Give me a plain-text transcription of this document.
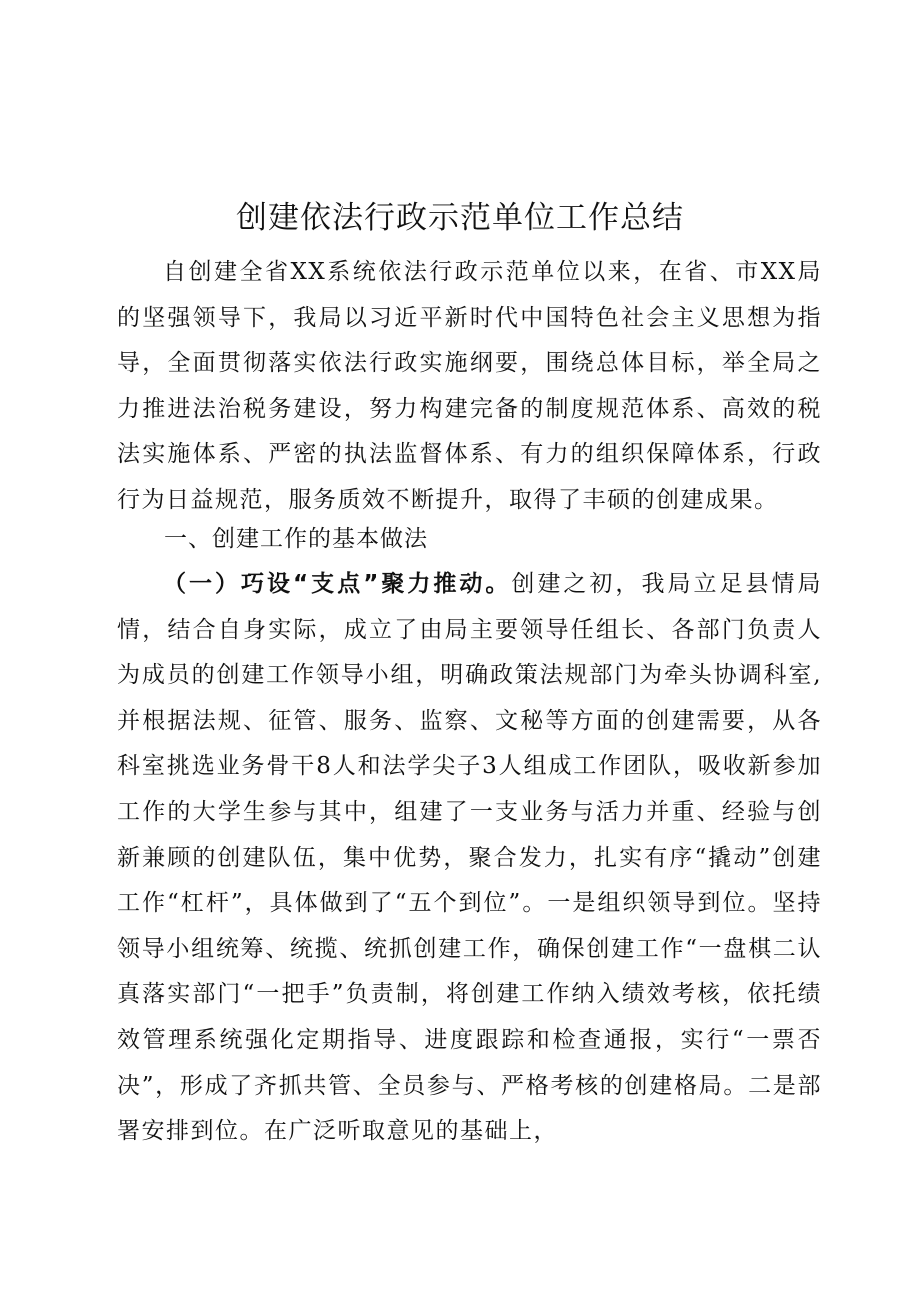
创建依法行政示范单位工作总结

自创建全省XX系统依法行政示范单位以来，在省、市XX局的坚强领导下，我局以习近平新时代中国特色社会主义思想为指导，全面贯彻落实依法行政实施纲要，围绕总体目标，举全局之力推进法治税务建设，努力构建完备的制度规范体系、高效的税法实施体系、严密的执法监督体系、有力的组织保障体系，行政行为日益规范，服务质效不断提升，取得了丰硕的创建成果。

一、创建工作的基本做法

（一）巧设“支点”聚力推动。创建之初，我局立足县情局情，结合自身实际，成立了由局主要领导任组长、各部门负责人为成员的创建工作领导小组，明确政策法规部门为牵头协调科室,并根据法规、征管、服务、监察、文秘等方面的创建需要，从各科室挑选业务骨干8人和法学尖子3人组成工作团队，吸收新参加工作的大学生参与其中，组建了一支业务与活力并重、经验与创新兼顾的创建队伍，集中优势，聚合发力，扎实有序“撬动”创建工作“杠杆”，具体做到了“五个到位”。一是组织领导到位。坚持领导小组统筹、统揽、统抓创建工作，确保创建工作“一盘棋二认真落实部门“一把手”负责制，将创建工作纳入绩效考核，依托绩效管理系统强化定期指导、进度跟踪和检查通报，实行“一票否决”，形成了齐抓共管、全员参与、严格考核的创建格局。二是部署安排到位。在广泛听取意见的基础上，
